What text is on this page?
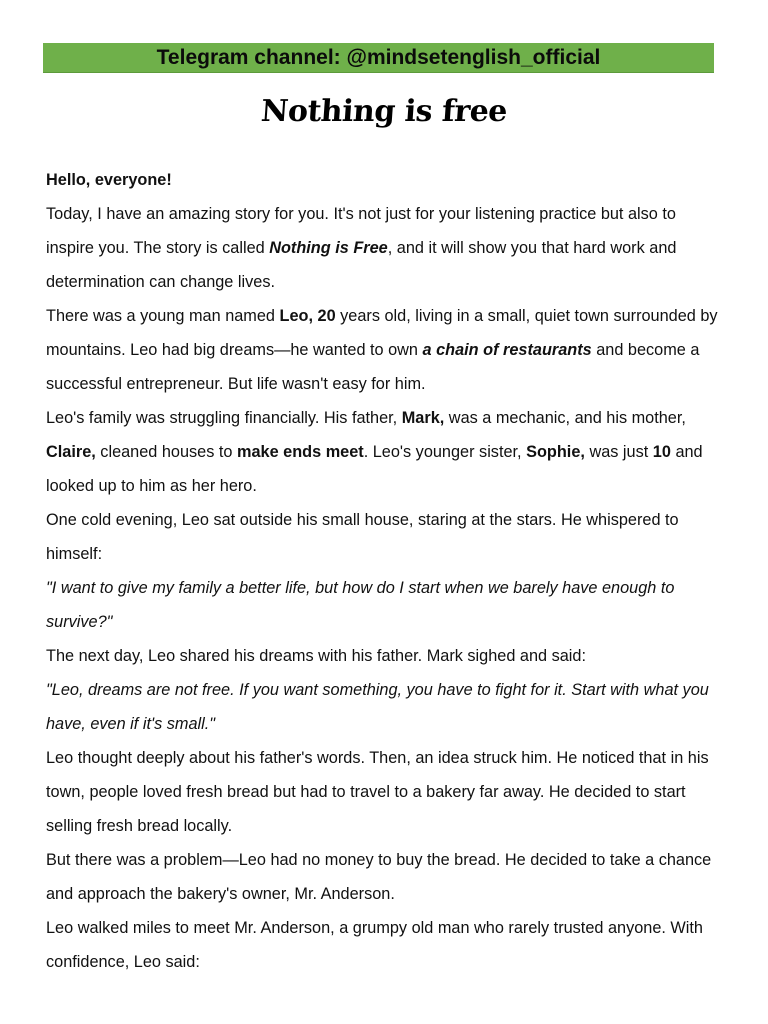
Telegram channel: @mindsetenglish_official
Nothing is free

Hello, everyone!

Today, I have an amazing story for you. It's not just for your listening practice but also to inspire you. The story is called Nothing is Free, and it will show you that hard work and determination can change lives.

There was a young man named Leo, 20 years old, living in a small, quiet town surrounded by mountains. Leo had big dreams—he wanted to own a chain of restaurants and become a successful entrepreneur. But life wasn't easy for him.

Leo's family was struggling financially. His father, Mark, was a mechanic, and his mother, Claire, cleaned houses to make ends meet. Leo's younger sister, Sophie, was just 10 and looked up to him as her hero.

One cold evening, Leo sat outside his small house, staring at the stars. He whispered to himself:

"I want to give my family a better life, but how do I start when we barely have enough to survive?"

The next day, Leo shared his dreams with his father. Mark sighed and said:

"Leo, dreams are not free. If you want something, you have to fight for it. Start with what you have, even if it's small."

Leo thought deeply about his father's words. Then, an idea struck him. He noticed that in his town, people loved fresh bread but had to travel to a bakery far away. He decided to start selling fresh bread locally.

But there was a problem—Leo had no money to buy the bread. He decided to take a chance and approach the bakery's owner, Mr. Anderson.

Leo walked miles to meet Mr. Anderson, a grumpy old man who rarely trusted anyone. With confidence, Leo said:
